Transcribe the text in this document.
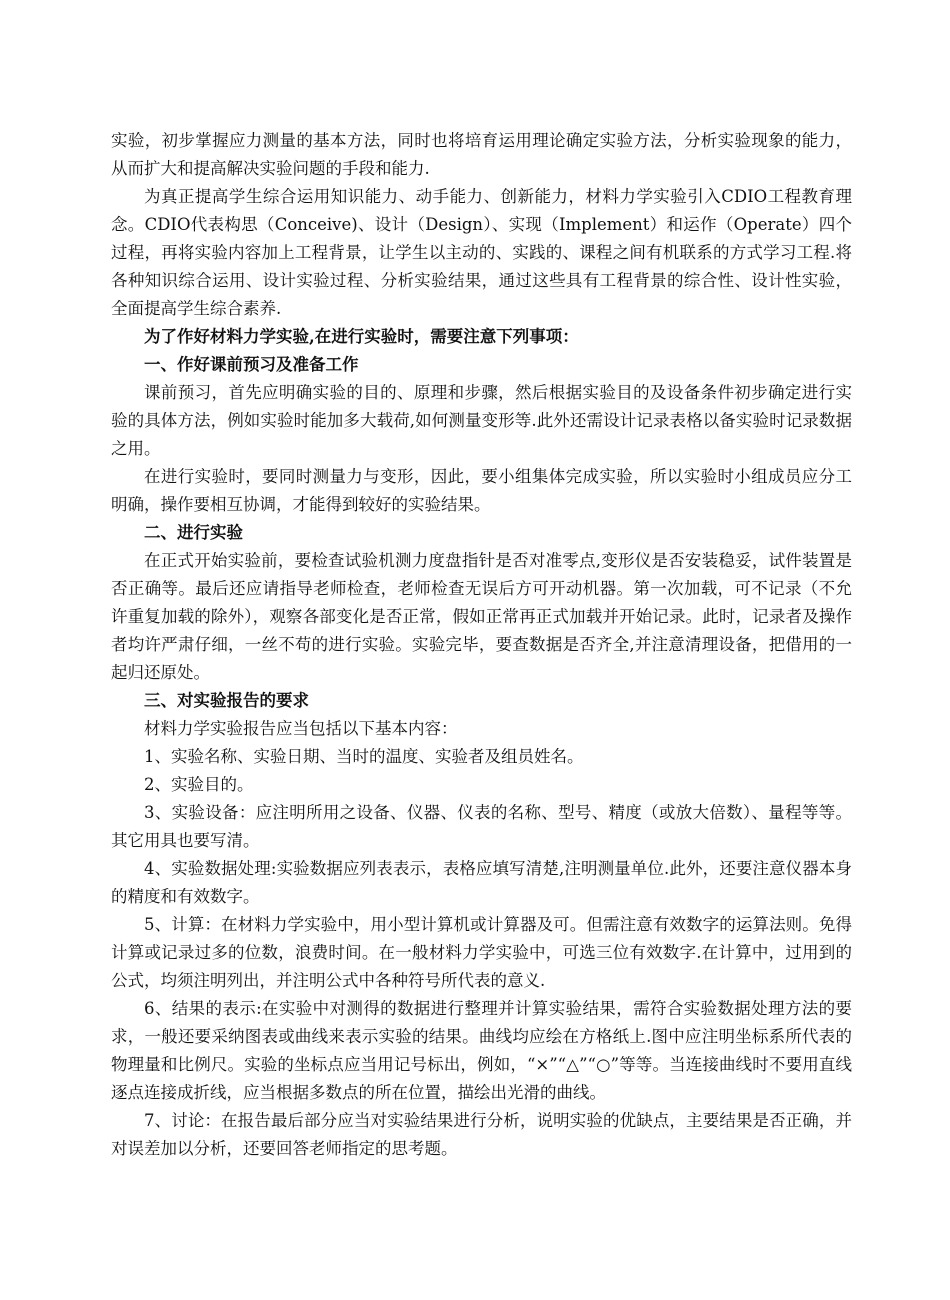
实验，初步掌握应力测量的基本方法，同时也将培育运用理论确定实验方法，分析实验现象的能力，从而扩大和提高解决实验问题的手段和能力.

为真正提高学生综合运用知识能力、动手能力、创新能力，材料力学实验引入CDIO工程教育理念。CDIO代表构思（Conceive)、设计（Design）、实现（Implement）和运作（Operate）四个过程，再将实验内容加上工程背景，让学生以主动的、实践的、课程之间有机联系的方式学习工程.将各种知识综合运用、设计实验过程、分析实验结果，通过这些具有工程背景的综合性、设计性实验，全面提高学生综合素养.

为了作好材料力学实验,在进行实验时，需要注意下列事项：

一、作好课前预习及准备工作

课前预习，首先应明确实验的目的、原理和步骤，然后根据实验目的及设备条件初步确定进行实验的具体方法，例如实验时能加多大载荷,如何测量变形等.此外还需设计记录表格以备实验时记录数据之用。

在进行实验时，要同时测量力与变形，因此，要小组集体完成实验，所以实验时小组成员应分工明确，操作要相互协调，才能得到较好的实验结果。

二、进行实验

在正式开始实验前，要检查试验机测力度盘指针是否对准零点,变形仪是否安装稳妥，试件装置是否正确等。最后还应请指导老师检查，老师检查无误后方可开动机器。第一次加载，可不记录（不允许重复加载的除外），观察各部变化是否正常，假如正常再正式加载并开始记录。此时，记录者及操作者均许严肃仔细，一丝不苟的进行实验。实验完毕，要查数据是否齐全,并注意清理设备，把借用的一起归还原处。

三、对实验报告的要求

材料力学实验报告应当包括以下基本内容：

1、实验名称、实验日期、当时的温度、实验者及组员姓名。

2、实验目的。

3、实验设备：应注明所用之设备、仪器、仪表的名称、型号、精度（或放大倍数）、量程等等。其它用具也要写清。

4、实验数据处理:实验数据应列表表示，表格应填写清楚,注明测量单位.此外，还要注意仪器本身的精度和有效数字。

5、计算：在材料力学实验中，用小型计算机或计算器及可。但需注意有效数字的运算法则。免得计算或记录过多的位数，浪费时间。在一般材料力学实验中，可选三位有效数字.在计算中，过用到的公式，均须注明列出，并注明公式中各种符号所代表的意义.

6、结果的表示:在实验中对测得的数据进行整理并计算实验结果，需符合实验数据处理方法的要求，一般还要采纳图表或曲线来表示实验的结果。曲线均应绘在方格纸上.图中应注明坐标系所代表的物理量和比例尺。实验的坐标点应当用记号标出，例如，“×”“△”“○”等等。当连接曲线时不要用直线逐点连接成折线，应当根据多数点的所在位置，描绘出光滑的曲线。

7、讨论：在报告最后部分应当对实验结果进行分析，说明实验的优缺点，主要结果是否正确，并对误差加以分析，还要回答老师指定的思考题。
